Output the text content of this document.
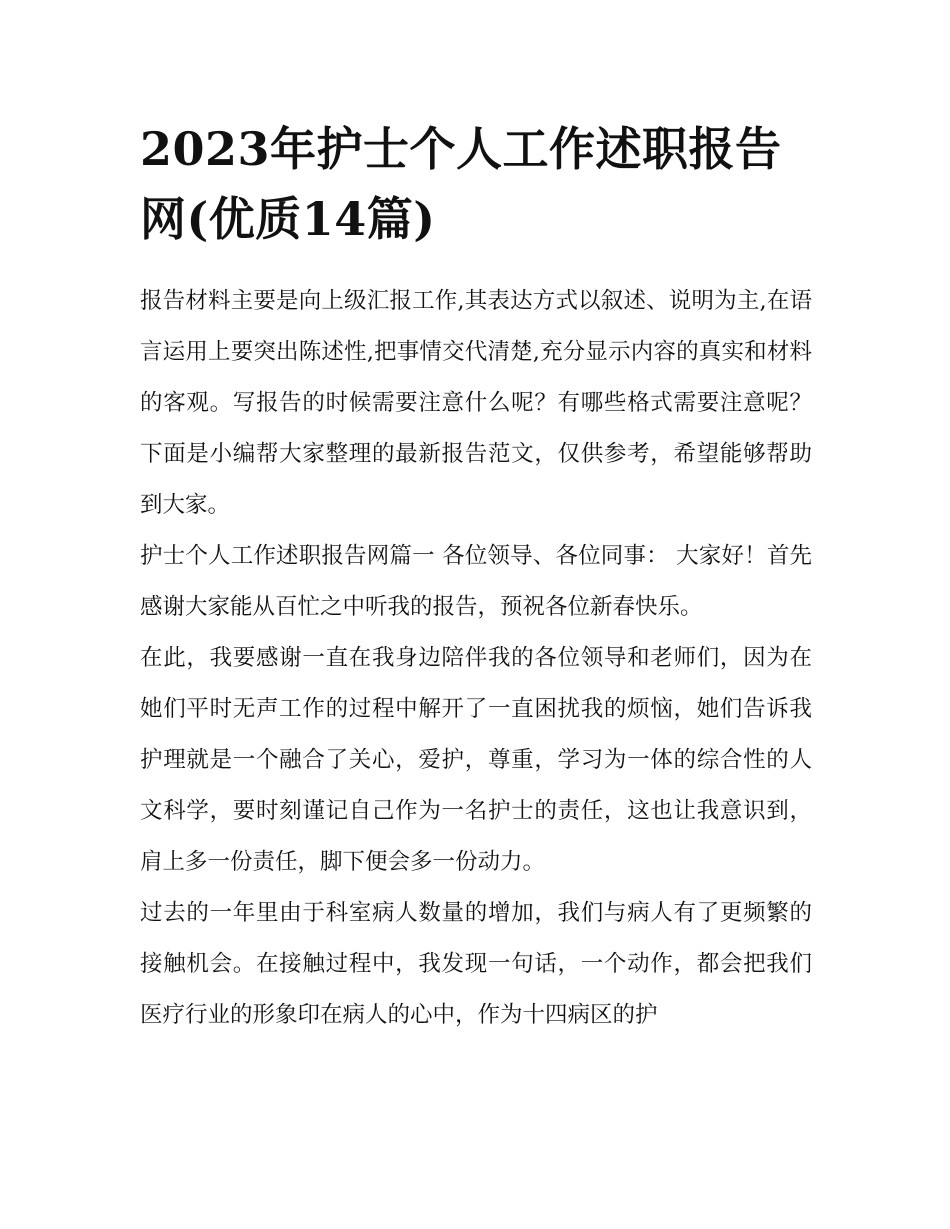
2023年护士个人工作述职报告网(优质14篇)

报告材料主要是向上级汇报工作,其表达方式以叙述、说明为主,在语言运用上要突出陈述性,把事情交代清楚,充分显示内容的真实和材料的客观。写报告的时候需要注意什么呢？有哪些格式需要注意呢？下面是小编帮大家整理的最新报告范文，仅供参考，希望能够帮助到大家。

护士个人工作述职报告网篇一 各位领导、各位同事： 大家好！首先感谢大家能从百忙之中听我的报告，预祝各位新春快乐。

在此，我要感谢一直在我身边陪伴我的各位领导和老师们，因为在她们平时无声工作的过程中解开了一直困扰我的烦恼，她们告诉我护理就是一个融合了关心，爱护，尊重，学习为一体的综合性的人文科学，要时刻谨记自己作为一名护士的责任，这也让我意识到，肩上多一份责任，脚下便会多一份动力。

过去的一年里由于科室病人数量的增加，我们与病人有了更频繁的接触机会。在接触过程中，我发现一句话，一个动作，都会把我们医疗行业的形象印在病人的心中，作为十四病区的护
